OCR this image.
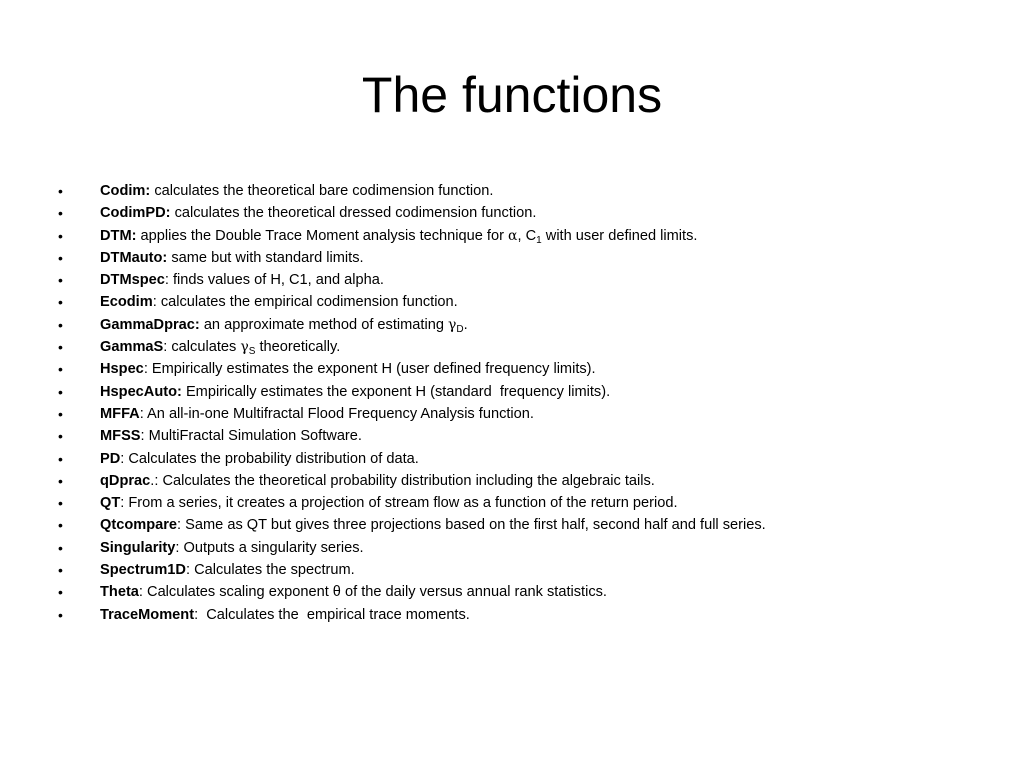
The functions
•	Codim: calculates the theoretical bare codimension function.
•	CodimPD: calculates the theoretical dressed codimension function.
•	DTM: applies the Double Trace Moment analysis technique for α, $C_1$ with user defined limits.
•	DTMauto: same but with standard limits.
•	DTMspec: finds values of H, C1, and alpha.
•	Ecodim: calculates the empirical codimension function.
•	GammaDprac: an approximate method of estimating $\gamma_D$.
•	GammaS: calculates $\gamma_S$ theoretically.
•	Hspec: Empirically estimates the exponent H (user defined frequency limits).
•	HspecAuto: Empirically estimates the exponent H (standard  frequency limits).
•	MFFA: An all-in-one Multifractal Flood Frequency Analysis function.
•	MFSS: MultiFractal Simulation Software.
•	PD: Calculates the probability distribution of data.
•	qDprac.: Calculates the theoretical probability distribution including the algebraic tails.
•	QT: From a series, it creates a projection of stream flow as a function of the return period.
•	Qtcompare: Same as QT but gives three projections based on the first half, second half and full series.
•	Singularity: Outputs a singularity series.
•	Spectrum1D: Calculates the spectrum.
•	Theta: Calculates scaling exponent θ of the daily versus annual rank statistics.
•	TraceMoment:  Calculates the  empirical trace moments.
